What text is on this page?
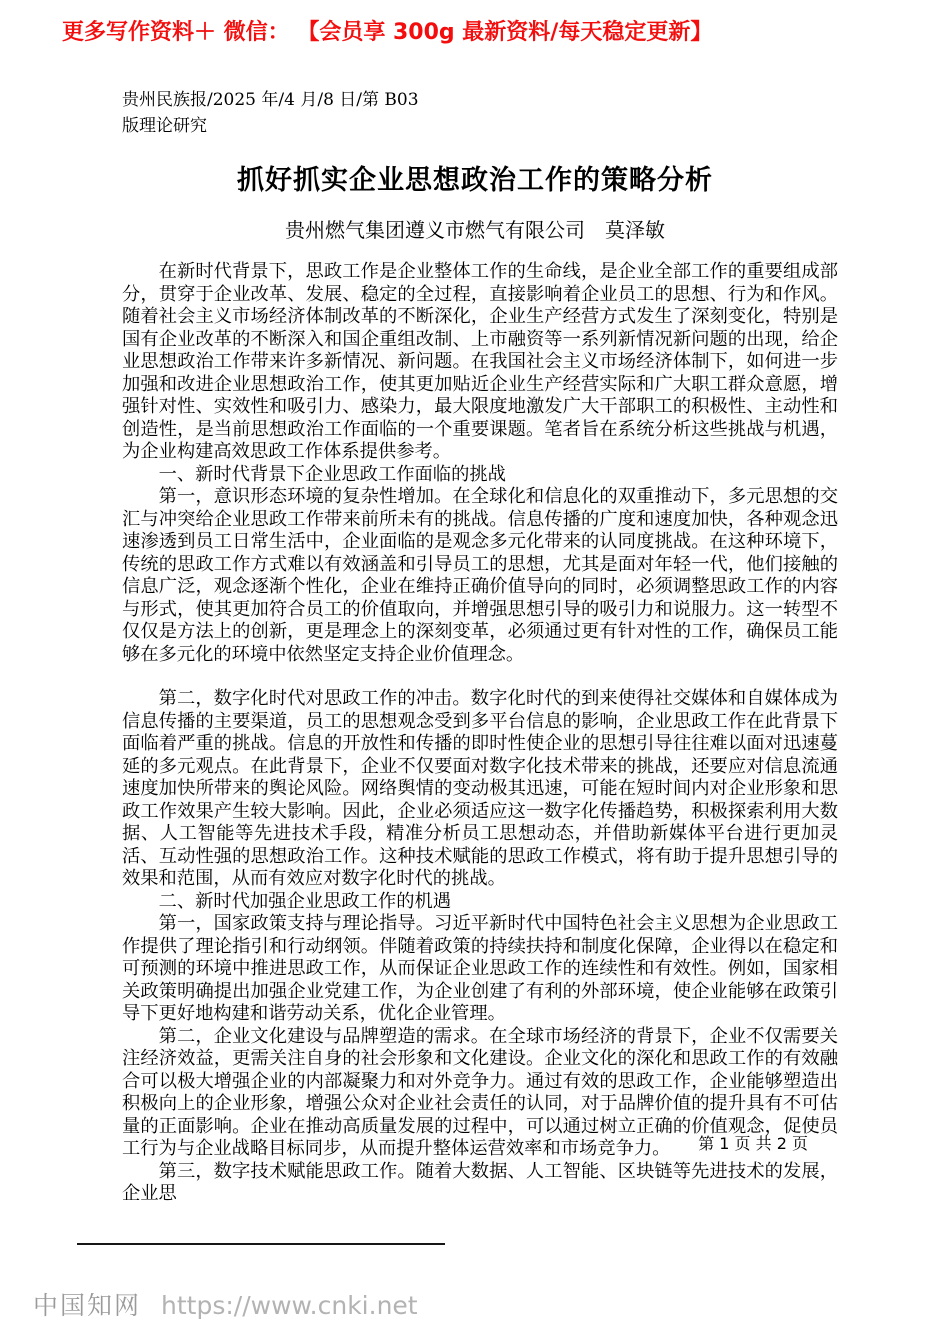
更多写作资料＋ 微信： 【会员享 300g 最新资料/每天稳定更新】
贵州民族报/2025 年/4 月/8 日/第 B03
版理论研究
抓好抓实企业思想政治工作的策略分析
贵州燃气集团遵义市燃气有限公司　莫泽敏

在新时代背景下，思政工作是企业整体工作的生命线，是企业全部工作的重要组成部分，贯穿于企业改革、发展、稳定的全过程，直接影响着企业员工的思想、行为和作风。随着社会主义市场经济体制改革的不断深化，企业生产经营方式发生了深刻变化，特别是国有企业改革的不断深入和国企重组改制、上市融资等一系列新情况新问题的出现，给企业思想政治工作带来许多新情况、新问题。在我国社会主义市场经济体制下，如何进一步加强和改进企业思想政治工作，使其更加贴近企业生产经营实际和广大职工群众意愿，增强针对性、实效性和吸引力、感染力，最大限度地激发广大干部职工的积极性、主动性和创造性，是当前思想政治工作面临的一个重要课题。笔者旨在系统分析这些挑战与机遇，为企业构建高效思政工作体系提供参考。

一、新时代背景下企业思政工作面临的挑战

第一，意识形态环境的复杂性增加。在全球化和信息化的双重推动下，多元思想的交汇与冲突给企业思政工作带来前所未有的挑战。信息传播的广度和速度加快，各种观念迅速渗透到员工日常生活中，企业面临的是观念多元化带来的认同度挑战。在这种环境下，传统的思政工作方式难以有效涵盖和引导员工的思想，尤其是面对年轻一代，他们接触的信息广泛，观念逐渐个性化，企业在维持正确价值导向的同时，必须调整思政工作的内容与形式，使其更加符合员工的价值取向，并增强思想引导的吸引力和说服力。这一转型不仅仅是方法上的创新，更是理念上的深刻变革，必须通过更有针对性的工作，确保员工能够在多元化的环境中依然坚定支持企业价值理念。

第二，数字化时代对思政工作的冲击。数字化时代的到来使得社交媒体和自媒体成为信息传播的主要渠道，员工的思想观念受到多平台信息的影响，企业思政工作在此背景下面临着严重的挑战。信息的开放性和传播的即时性使企业的思想引导往往难以面对迅速蔓延的多元观点。在此背景下，企业不仅要面对数字化技术带来的挑战，还要应对信息流通速度加快所带来的舆论风险。网络舆情的变动极其迅速，可能在短时间内对企业形象和思政工作效果产生较大影响。因此，企业必须适应这一数字化传播趋势，积极探索利用大数据、人工智能等先进技术手段，精准分析员工思想动态，并借助新媒体平台进行更加灵活、互动性强的思想政治工作。这种技术赋能的思政工作模式，将有助于提升思想引导的效果和范围，从而有效应对数字化时代的挑战。

二、新时代加强企业思政工作的机遇

第一，国家政策支持与理论指导。习近平新时代中国特色社会主义思想为企业思政工作提供了理论指引和行动纲领。伴随着政策的持续扶持和制度化保障，企业得以在稳定和可预测的环境中推进思政工作，从而保证企业思政工作的连续性和有效性。例如，国家相关政策明确提出加强企业党建工作，为企业创建了有利的外部环境，使企业能够在政策引导下更好地构建和谐劳动关系，优化企业管理。

第二，企业文化建设与品牌塑造的需求。在全球市场经济的背景下，企业不仅需要关注经济效益，更需关注自身的社会形象和文化建设。企业文化的深化和思政工作的有效融合可以极大增强企业的内部凝聚力和对外竞争力。通过有效的思政工作，企业能够塑造出积极向上的企业形象，增强公众对企业社会责任的认同，对于品牌价值的提升具有不可估量的正面影响。企业在推动高质量发展的过程中，可以通过树立正确的价值观念，促使员工行为与企业战略目标同步，从而提升整体运营效率和市场竞争力。

第三，数字技术赋能思政工作。随着大数据、人工智能、区块链等先进技术的发展，企业思

第 1 页 共 2 页
中国知网 https://www.cnki.net
